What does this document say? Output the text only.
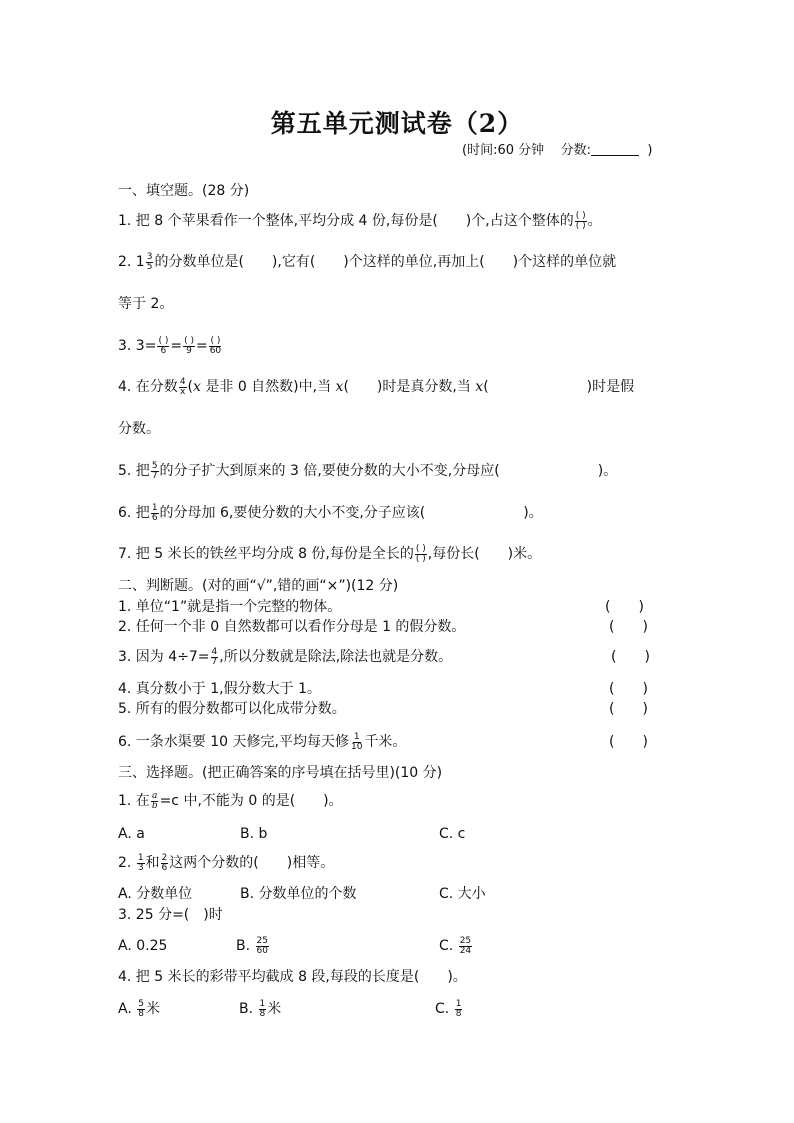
第五单元测试卷（2）
(时间:60 分钟 分数:	)
一、填空题。(28 分)
1. 把 8 个苹果看作一个整体,平均分成 4 份,每份是(　　)个,占这个整体的 $\frac{( )}{( )}$ 。
2. $1 \frac{3}{5}$ 的分数单位是(　　),它有(　　)个这样的单位,再加上(　　)个这样的单位就
等于 2。
3. $3= \frac{( )}{6} = \frac{( )}{9} = \frac{( )}{60}$
4. 在分数 $\frac{4}{x} (x$ 是非 0 自然数)中,当 x(　　)时是真分数,当 x(　　　　　　　)时是假
分数。
5. 把 $\frac{5}{7}$ 的分子扩大到原来的 3 倍,要使分数的大小不变,分母应(　　　　　　　)。
6. 把 $\frac{1}{6}$ 的分母加 6,要使分数的大小不变,分子应该(　　　　　　　)。
7. 把 5 米长的铁丝平均分成 8 份,每份是全长的 $\frac{( )}{( )}$ ,每份长(　　)米。
二、判断题。(对的画“√”,错的画“×”)(12 分)
1. 单位“1”就是指一个完整的物体。	(　　)
2. 任何一个非 0 自然数都可以看作分母是 1 的假分数。	(　　)
3. 因为 $4\div 7= \frac{4}{7}$ ,所以分数就是除法,除法也就是分数。	(　　)
4. 真分数小于 1,假分数大于 1。	(　　)
5. 所有的假分数都可以化成带分数。	(　　)
6. 一条水渠要 10 天修完,平均每天修 $\frac{1}{10}$ 千米。	(　　)
三、选择题。(把正确答案的序号填在括号里)(10 分)
1. 在 $\frac{a}{b} =c$ 中,不能为 0 的是(　　)。
A. a	B. b	C. c
2. $\frac{1}{3}$ 和 $\frac{2}{6}$ 这两个分数的(　　)相等。
A. 分数单位	B. 分数单位的个数	C. 大小
3. 25 分=(　)时
A. 0.25	B. $\frac{25}{60}$	C. $\frac{25}{24}$
4. 把 5 米长的彩带平均截成 8 段,每段的长度是(　　)。
A. $\frac{5}{8}$ 米	B. $\frac{1}{8}$ 米	C. $\frac{1}{8}$
